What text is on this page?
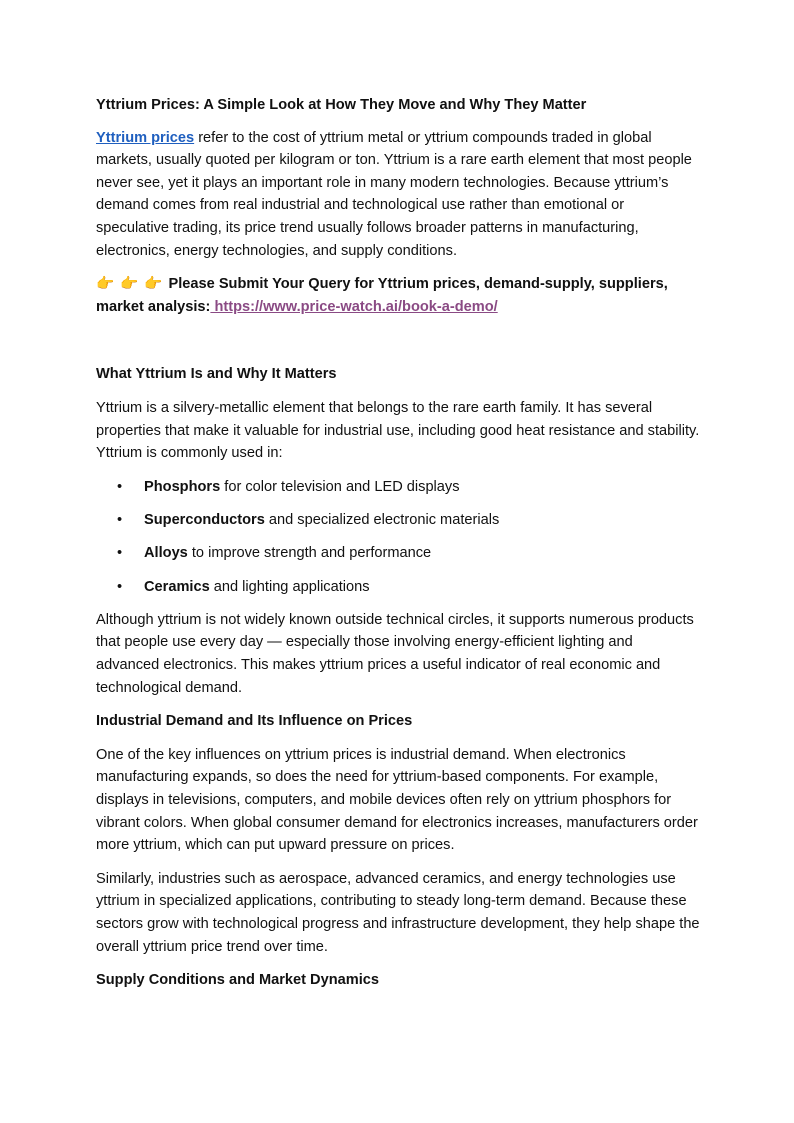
Yttrium Prices: A Simple Look at How They Move and Why They Matter

Yttrium prices refer to the cost of yttrium metal or yttrium compounds traded in global markets, usually quoted per kilogram or ton. Yttrium is a rare earth element that most people never see, yet it plays an important role in many modern technologies. Because yttrium’s demand comes from real industrial and technological use rather than emotional or speculative trading, its price trend usually follows broader patterns in manufacturing, electronics, energy technologies, and supply conditions.

👉 👉 👉 Please Submit Your Query for Yttrium prices, demand-supply, suppliers, market analysis: https://www.price-watch.ai/book-a-demo/
What Yttrium Is and Why It Matters

Yttrium is a silvery-metallic element that belongs to the rare earth family. It has several properties that make it valuable for industrial use, including good heat resistance and stability. Yttrium is commonly used in:

• Phosphors for color television and LED displays
• Superconductors and specialized electronic materials
• Alloys to improve strength and performance
• Ceramics and lighting applications

Although yttrium is not widely known outside technical circles, it supports numerous products that people use every day — especially those involving energy-efficient lighting and advanced electronics. This makes yttrium prices a useful indicator of real economic and technological demand.

Industrial Demand and Its Influence on Prices

One of the key influences on yttrium prices is industrial demand. When electronics manufacturing expands, so does the need for yttrium-based components. For example, displays in televisions, computers, and mobile devices often rely on yttrium phosphors for vibrant colors. When global consumer demand for electronics increases, manufacturers order more yttrium, which can put upward pressure on prices.

Similarly, industries such as aerospace, advanced ceramics, and energy technologies use yttrium in specialized applications, contributing to steady long-term demand. Because these sectors grow with technological progress and infrastructure development, they help shape the overall yttrium price trend over time.

Supply Conditions and Market Dynamics
